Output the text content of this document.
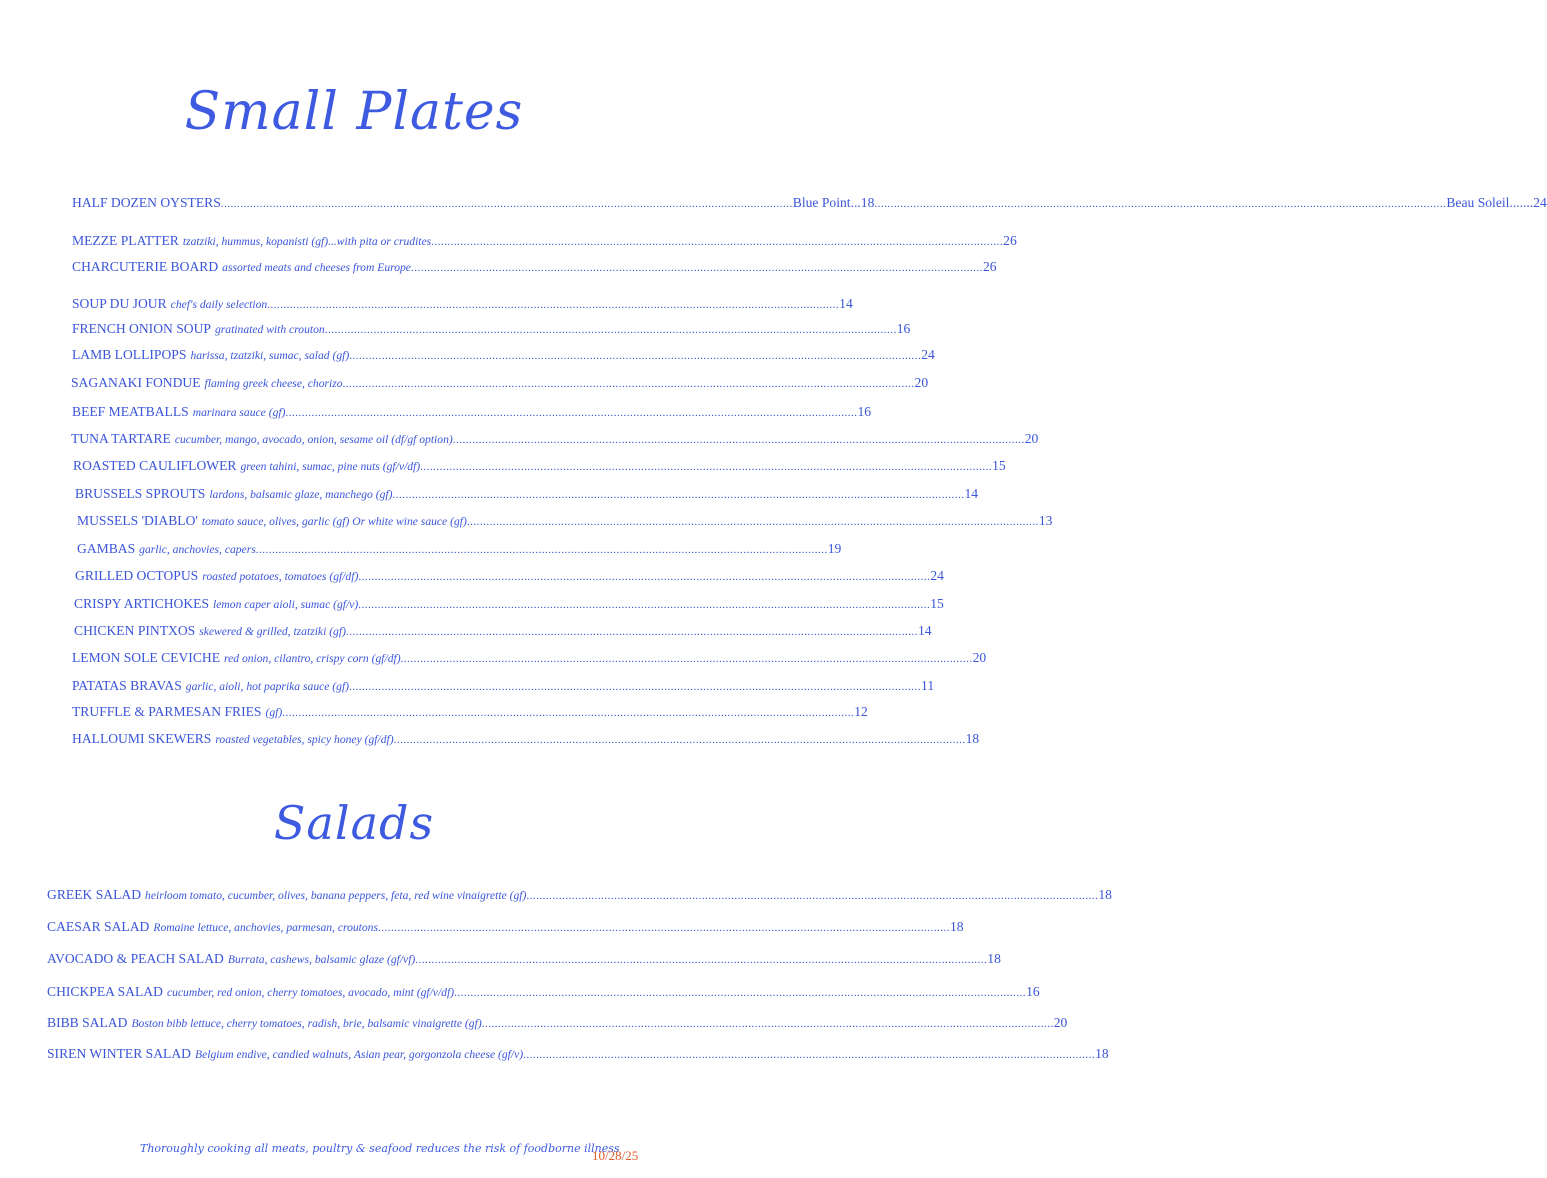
Small Plates
HALF DOZEN OYSTERS .....	Blue Point ... 18 .....	Beau Soleil ....... 24
MEZZE PLATTER tzatziki, hummus, kopanisti (gf)...with pita or crudites .....	26
CHARCUTERIE BOARD assorted meats and cheeses from Europe .....	26
SOUP DU JOUR chef's daily selection .....	14
FRENCH ONION SOUP gratinated with crouton .....	16
LAMB LOLLIPOPS harissa, tzatziki, sumac, salad (gf) .....	24
SAGANAKI FONDUE flaming greek cheese, chorizo .....	20
BEEF MEATBALLS marinara sauce (gf) .....	16
TUNA TARTARE cucumber, mango, avocado, onion, sesame oil (df/gf option) .....	20
ROASTED CAULIFLOWER green tahini, sumac, pine nuts (gf/v/df) .....	15
BRUSSELS SPROUTS lardons, balsamic glaze, manchego (gf) .....	14
MUSSELS 'DIABLO' tomato sauce, olives, garlic (gf) Or white wine sauce (gf) .....	13
GAMBAS garlic, anchovies, capers .....	19
GRILLED OCTOPUS roasted potatoes, tomatoes (gf/df) .....	24
CRISPY ARTICHOKES lemon caper aioli, sumac (gf/v) .....	15
CHICKEN PINTXOS skewered & grilled, tzatziki (gf) .....	14
LEMON SOLE CEVICHE red onion, cilantro, crispy corn (gf/df) .....	20
PATATAS BRAVAS garlic, aioli, hot paprika sauce (gf) .....	11
TRUFFLE & PARMESAN FRIES (gf) .....	12
HALLOUMI SKEWERS roasted vegetables, spicy honey (gf/df) .....	18
Salads
GREEK SALAD heirloom tomato, cucumber, olives, banana peppers, feta, red wine vinaigrette (gf) .....	18
CAESAR SALAD Romaine lettuce, anchovies, parmesan, croutons .....	18
AVOCADO & PEACH SALAD Burrata, cashews, balsamic glaze (gf/vf) .....	18
CHICKPEA SALAD cucumber, red onion, cherry tomatoes, avocado, mint (gf/v/df) .....	16
BIBB SALAD Boston bibb lettuce, cherry tomatoes, radish, brie, balsamic vinaigrette (gf) .....	20
SIREN WINTER SALAD Belgium endive, candied walnuts, Asian pear, gorgonzola cheese (gf/v) .....	18
Thoroughly cooking all meats, poultry & seafood reduces the risk of foodborne illness
10/28/25
